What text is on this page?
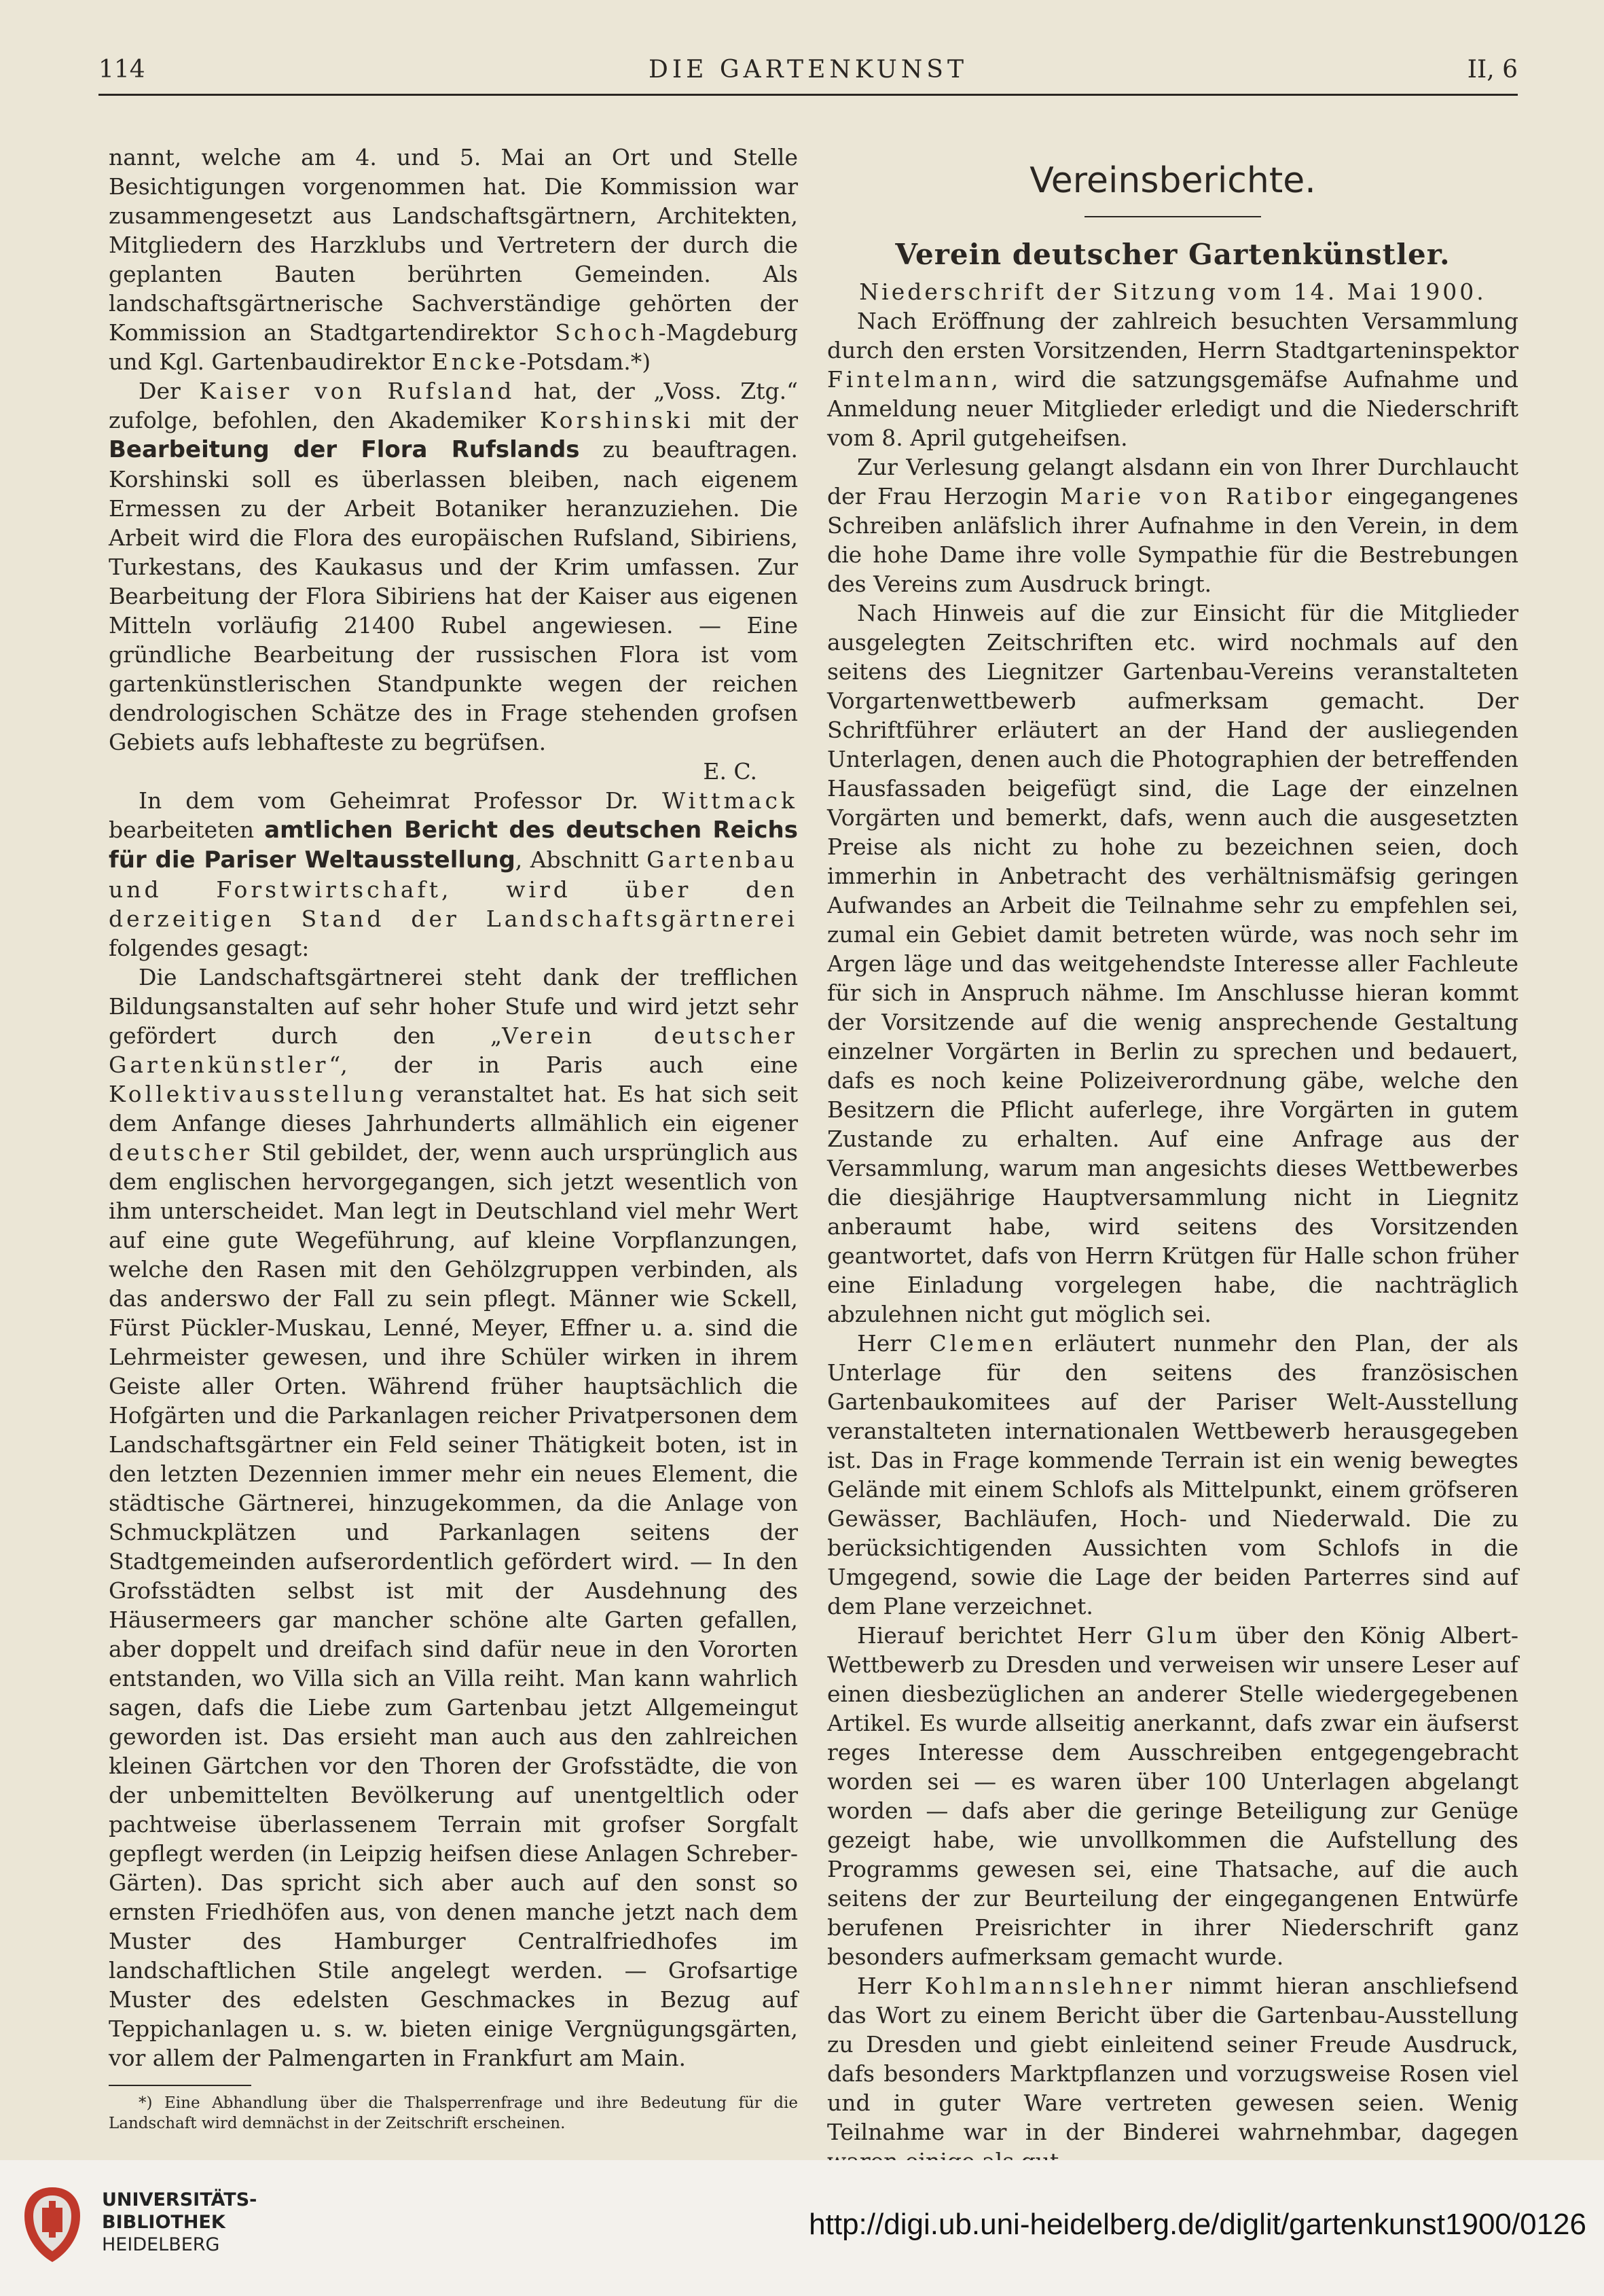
114	DIE GARTENKUNST	II, 6

nannt, welche am 4. und 5. Mai an Ort und Stelle Besichtigungen vorgenommen hat. Die Kommission war zusammengesetzt aus Landschaftsgärtnern, Architekten, Mitgliedern des Harzklubs und Vertretern der durch die geplanten Bauten berührten Gemeinden. Als landschaftsgärtnerische Sachverständige gehörten der Kommission an Stadtgartendirektor Schoch-Magdeburg und Kgl. Gartenbaudirektor Encke-Potsdam.*)

Der Kaiser von Rufsland hat, der „Voss. Ztg.“ zufolge, befohlen, den Akademiker Korshinski mit der Bearbeitung der Flora Rufslands zu beauftragen. Korshinski soll es überlassen bleiben, nach eigenem Ermessen zu der Arbeit Botaniker heranzuziehen. Die Arbeit wird die Flora des europäischen Rufsland, Sibiriens, Turkestans, des Kaukasus und der Krim umfassen. Zur Bearbeitung der Flora Sibiriens hat der Kaiser aus eigenen Mitteln vorläufig 21400 Rubel angewiesen. — Eine gründliche Bearbeitung der russischen Flora ist vom gartenkünstlerischen Standpunkte wegen der reichen dendrologischen Schätze des in Frage stehenden grofsen Gebiets aufs lebhafteste zu begrüfsen.

E. C.

In dem vom Geheimrat Professor Dr. Wittmack bearbeiteten amtlichen Bericht des deutschen Reichs für die Pariser Weltausstellung, Abschnitt Gartenbau und Forstwirtschaft, wird über den derzeitigen Stand der Landschaftsgärtnerei folgendes gesagt:

Die Landschaftsgärtnerei steht dank der trefflichen Bildungsanstalten auf sehr hoher Stufe und wird jetzt sehr gefördert durch den „Verein deutscher Gartenkünstler“, der in Paris auch eine Kollektivausstellung veranstaltet hat. Es hat sich seit dem Anfange dieses Jahrhunderts allmählich ein eigener deutscher Stil gebildet, der, wenn auch ursprünglich aus dem englischen hervorgegangen, sich jetzt wesentlich von ihm unterscheidet. Man legt in Deutschland viel mehr Wert auf eine gute Wegeführung, auf kleine Vorpflanzungen, welche den Rasen mit den Gehölzgruppen verbinden, als das anderswo der Fall zu sein pflegt. Männer wie Sckell, Fürst Pückler-Muskau, Lenné, Meyer, Effner u. a. sind die Lehrmeister gewesen, und ihre Schüler wirken in ihrem Geiste aller Orten. Während früher hauptsächlich die Hofgärten und die Parkanlagen reicher Privatpersonen dem Landschaftsgärtner ein Feld seiner Thätigkeit boten, ist in den letzten Dezennien immer mehr ein neues Element, die städtische Gärtnerei, hinzugekommen, da die Anlage von Schmuckplätzen und Parkanlagen seitens der Stadtgemeinden aufserordentlich gefördert wird. — In den Grofsstädten selbst ist mit der Ausdehnung des Häusermeers gar mancher schöne alte Garten gefallen, aber doppelt und dreifach sind dafür neue in den Vororten entstanden, wo Villa sich an Villa reiht. Man kann wahrlich sagen, dafs die Liebe zum Gartenbau jetzt Allgemeingut geworden ist. Das ersieht man auch aus den zahlreichen kleinen Gärtchen vor den Thoren der Grofsstädte, die von der unbemittelten Bevölkerung auf unentgeltlich oder pachtweise überlassenem Terrain mit grofser Sorgfalt gepflegt werden (in Leipzig heifsen diese Anlagen Schreber-Gärten). Das spricht sich aber auch auf den sonst so ernsten Friedhöfen aus, von denen manche jetzt nach dem Muster des Hamburger Centralfriedhofes im landschaftlichen Stile angelegt werden. — Grofsartige Muster des edelsten Geschmackes in Bezug auf Teppichanlagen u. s. w. bieten einige Vergnügungsgärten, vor allem der Palmengarten in Frankfurt am Main.

*) Eine Abhandlung über die Thalsperrenfrage und ihre Bedeutung für die Landschaft wird demnächst in der Zeitschrift erscheinen.

Vereinsberichte.
Verein deutscher Gartenkünstler.

Niederschrift der Sitzung vom 14. Mai 1900.

Nach Eröffnung der zahlreich besuchten Versammlung durch den ersten Vorsitzenden, Herrn Stadtgarteninspektor Fintelmann, wird die satzungsgemäfse Aufnahme und Anmeldung neuer Mitglieder erledigt und die Niederschrift vom 8. April gutgeheifsen.

Zur Verlesung gelangt alsdann ein von Ihrer Durchlaucht der Frau Herzogin Marie von Ratibor eingegangenes Schreiben anläfslich ihrer Aufnahme in den Verein, in dem die hohe Dame ihre volle Sympathie für die Bestrebungen des Vereins zum Ausdruck bringt.

Nach Hinweis auf die zur Einsicht für die Mitglieder ausgelegten Zeitschriften etc. wird nochmals auf den seitens des Liegnitzer Gartenbau-Vereins veranstalteten Vorgartenwettbewerb aufmerksam gemacht. Der Schriftführer erläutert an der Hand der ausliegenden Unterlagen, denen auch die Photographien der betreffenden Hausfassaden beigefügt sind, die Lage der einzelnen Vorgärten und bemerkt, dafs, wenn auch die ausgesetzten Preise als nicht zu hohe zu bezeichnen seien, doch immerhin in Anbetracht des verhältnismäfsig geringen Aufwandes an Arbeit die Teilnahme sehr zu empfehlen sei, zumal ein Gebiet damit betreten würde, was noch sehr im Argen läge und das weitgehendste Interesse aller Fachleute für sich in Anspruch nähme. Im Anschlusse hieran kommt der Vorsitzende auf die wenig ansprechende Gestaltung einzelner Vorgärten in Berlin zu sprechen und bedauert, dafs es noch keine Polizeiverordnung gäbe, welche den Besitzern die Pflicht auferlege, ihre Vorgärten in gutem Zustande zu erhalten. Auf eine Anfrage aus der Versammlung, warum man angesichts dieses Wettbewerbes die diesjährige Hauptversammlung nicht in Liegnitz anberaumt habe, wird seitens des Vorsitzenden geantwortet, dafs von Herrn Krütgen für Halle schon früher eine Einladung vorgelegen habe, die nachträglich abzulehnen nicht gut möglich sei.

Herr Clemen erläutert nunmehr den Plan, der als Unterlage für den seitens des französischen Gartenbaukomitees auf der Pariser Welt-Ausstellung veranstalteten internationalen Wettbewerb herausgegeben ist. Das in Frage kommende Terrain ist ein wenig bewegtes Gelände mit einem Schlofs als Mittelpunkt, einem gröfseren Gewässer, Bachläufen, Hoch- und Niederwald. Die zu berücksichtigenden Aussichten vom Schlofs in die Umgegend, sowie die Lage der beiden Parterres sind auf dem Plane verzeichnet.

Hierauf berichtet Herr Glum über den König Albert-Wettbewerb zu Dresden und verweisen wir unsere Leser auf einen diesbezüglichen an anderer Stelle wiedergegebenen Artikel. Es wurde allseitig anerkannt, dafs zwar ein äufserst reges Interesse dem Ausschreiben entgegengebracht worden sei — es waren über 100 Unterlagen abgelangt worden — dafs aber die geringe Beteiligung zur Genüge gezeigt habe, wie unvollkommen die Aufstellung des Programms gewesen sei, eine Thatsache, auf die auch seitens der zur Beurteilung der eingegangenen Entwürfe berufenen Preisrichter in ihrer Niederschrift ganz besonders aufmerksam gemacht wurde.

Herr Kohlmannslehner nimmt hieran anschliefsend das Wort zu einem Bericht über die Gartenbau-Ausstellung zu Dresden und giebt einleitend seiner Freude Ausdruck, dafs besonders Marktpflanzen und vorzugsweise Rosen viel und in guter Ware vertreten gewesen seien. Wenig Teilnahme war in der Binderei wahrnehmbar, dagegen

UNIVERSITÄTS-
BIBLIOTHEK
HEIDELBERG
http://digi.ub.uni-heidelberg.de/diglit/gartenkunst1900/0126
